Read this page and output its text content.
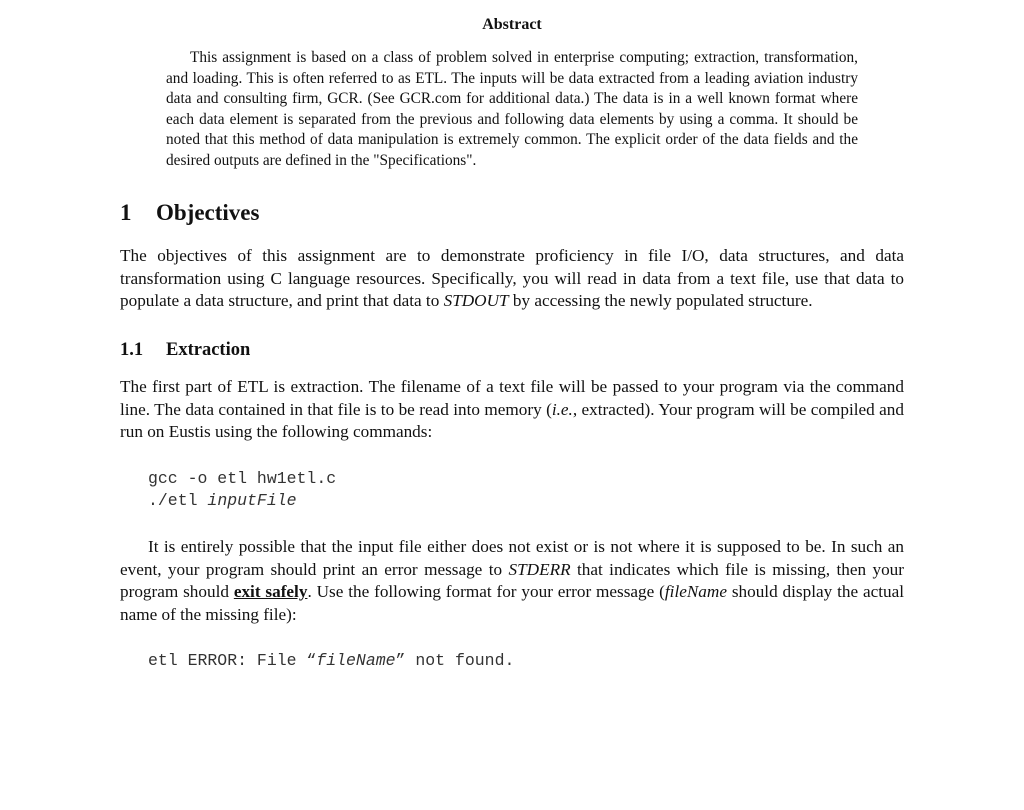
Abstract

This assignment is based on a class of problem solved in enterprise computing; extraction, transformation, and loading. This is often referred to as ETL. The inputs will be data extracted from a leading aviation industry data and consulting firm, GCR. (See GCR.com for additional data.) The data is in a well known format where each data element is separated from the previous and following data elements by using a comma. It should be noted that this method of data manipulation is extremely common. The explicit order of the data fields and the desired outputs are defined in the "Specifications".

1 Objectives

The objectives of this assignment are to demonstrate proficiency in file I/O, data structures, and data transformation using C language resources. Specifically, you will read in data from a text file, use that data to populate a data structure, and print that data to STDOUT by accessing the newly populated structure.

1.1 Extraction

The first part of ETL is extraction. The filename of a text file will be passed to your program via the command line. The data contained in that file is to be read into memory (i.e., extracted). Your program will be compiled and run on Eustis using the following commands:

gcc -o etl hw1etl.c
./etl inputFile

It is entirely possible that the input file either does not exist or is not where it is supposed to be. In such an event, your program should print an error message to STDERR that indicates which file is missing, then your program should exit safely. Use the following format for your error message (fileName should display the actual name of the missing file):

etl ERROR: File “fileName” not found.
